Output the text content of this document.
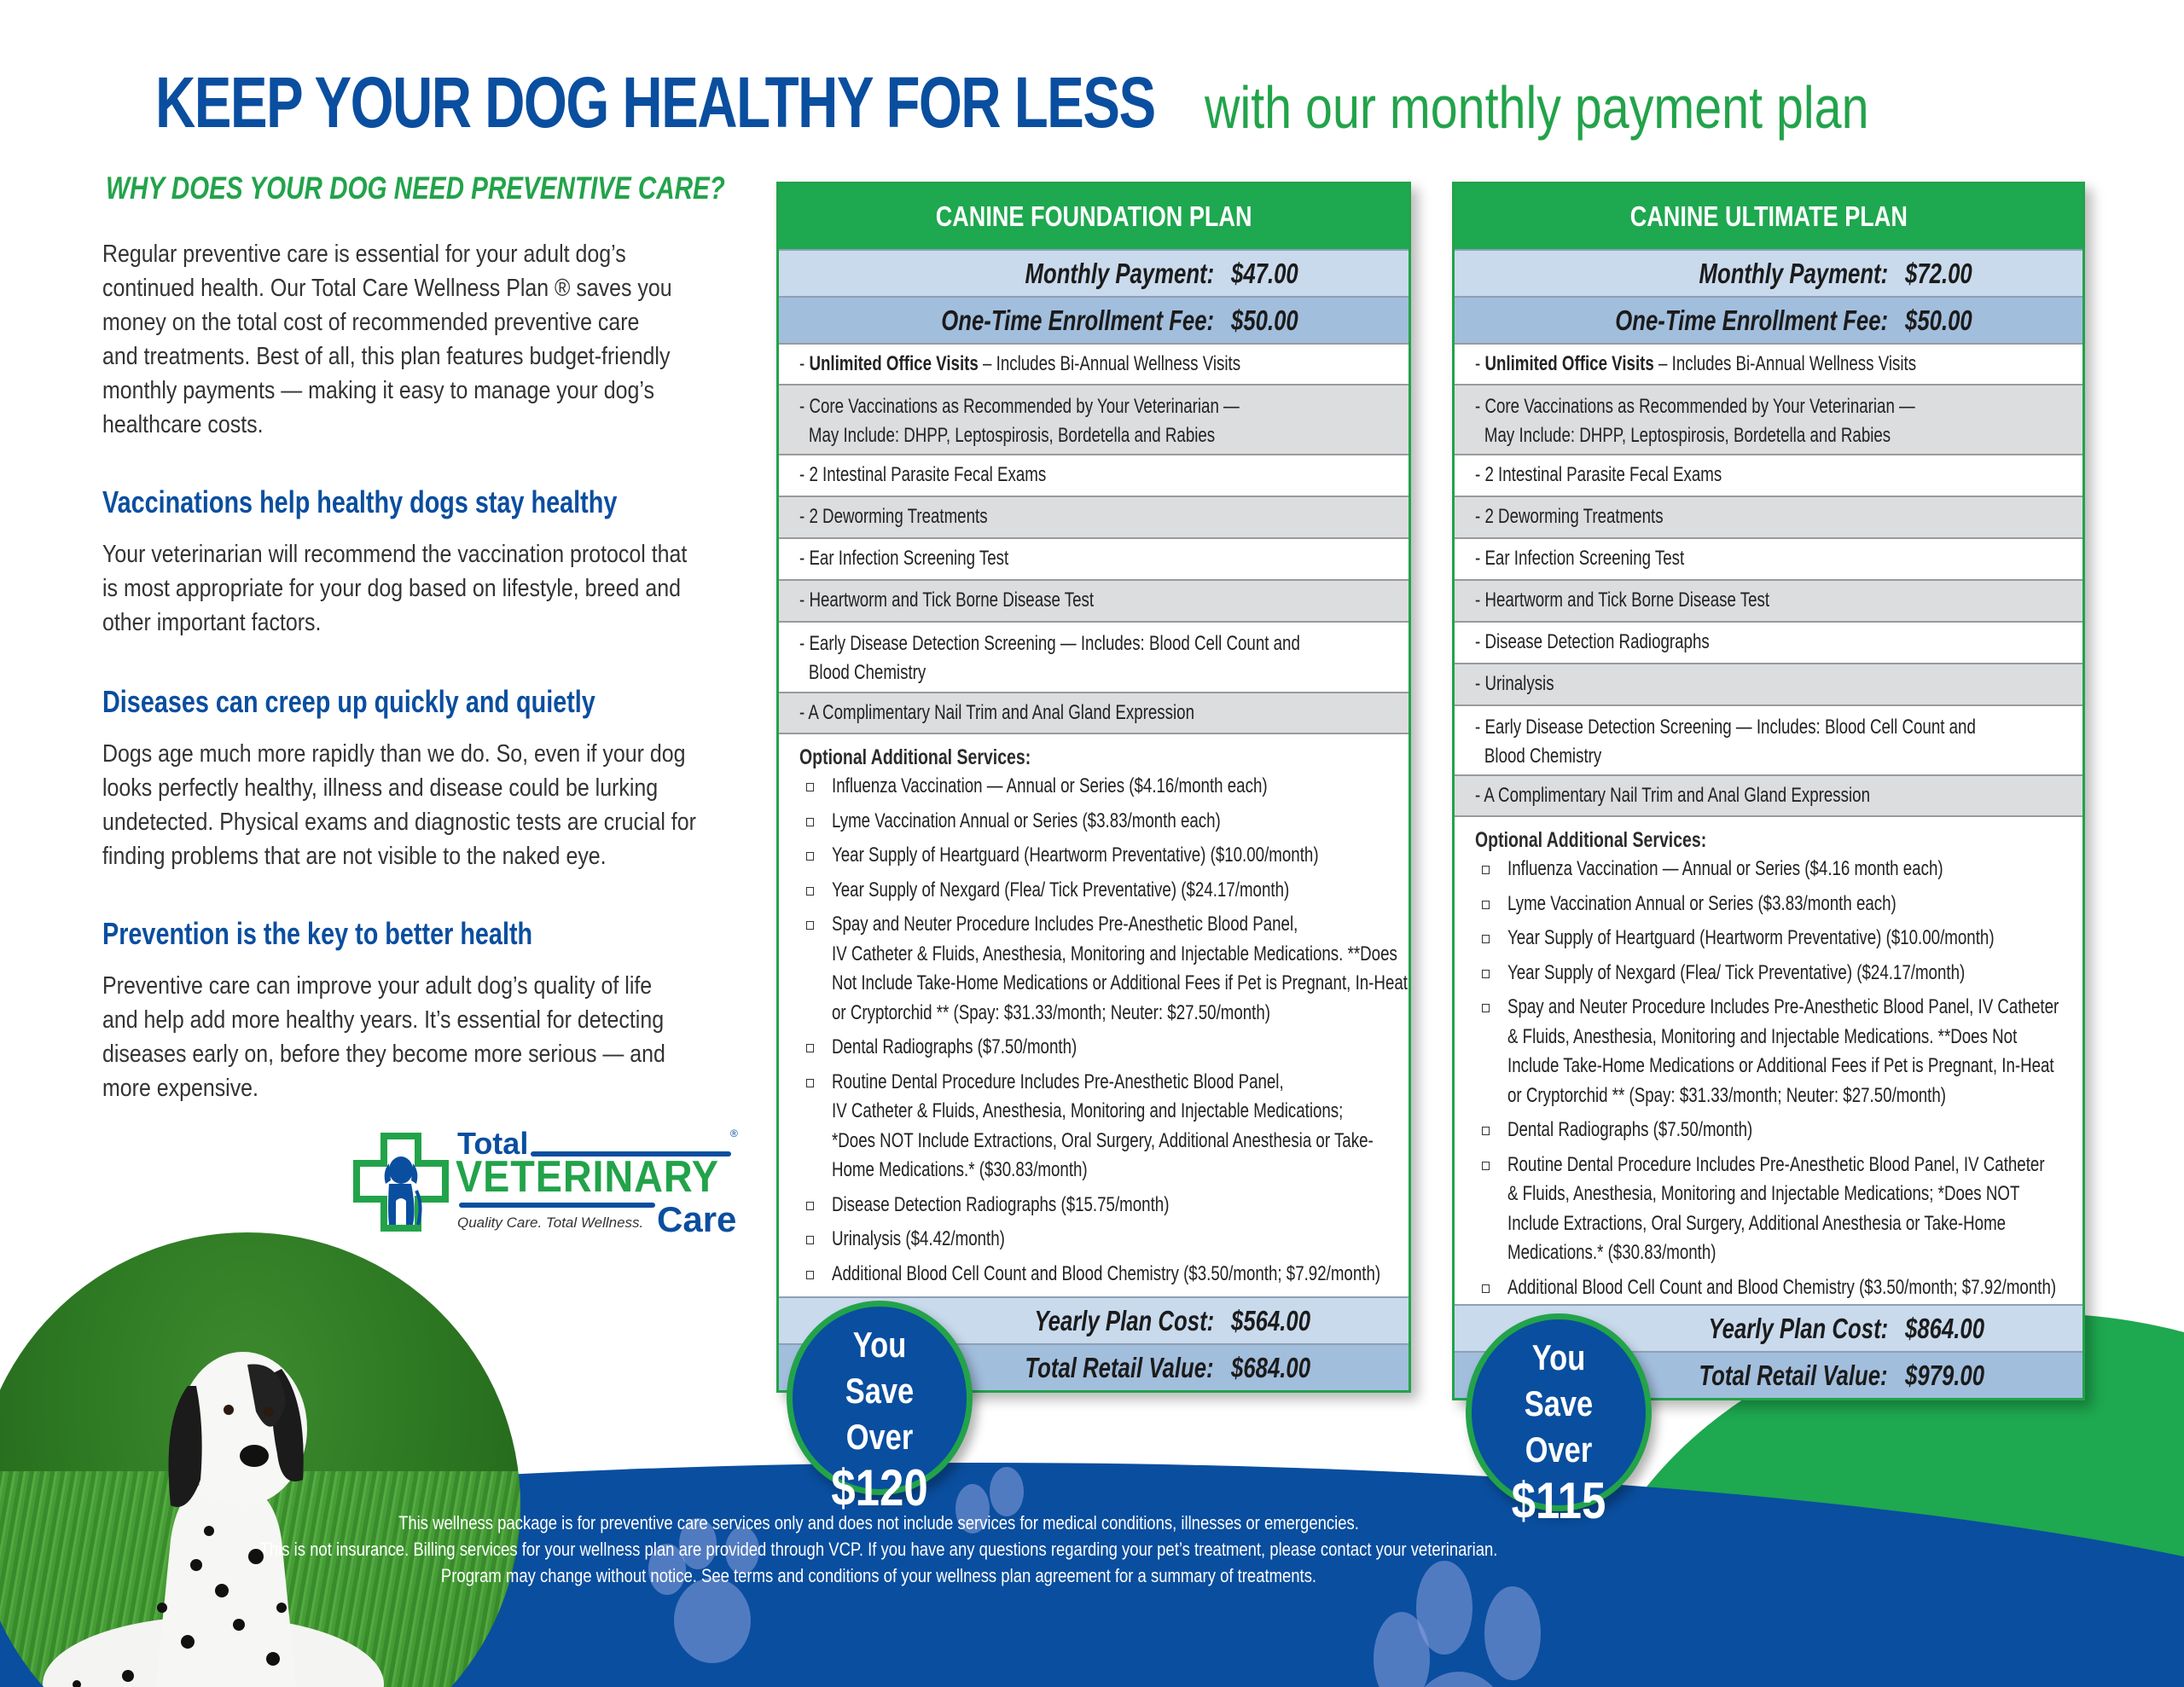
KEEP YOUR DOG HEALTHY FOR LESS with our monthly payment plan
WHY DOES YOUR DOG NEED PREVENTIVE CARE?
Regular preventive care is essential for your adult dog’s
continued health. Our Total Care Wellness Plan ® saves you
money on the total cost of recommended preventive care
and treatments. Best of all, this plan features budget-friendly
monthly payments — making it easy to manage your dog’s
healthcare costs.
Vaccinations help healthy dogs stay healthy
Your veterinarian will recommend the vaccination protocol that
is most appropriate for your dog based on lifestyle, breed and
other important factors.
Diseases can creep up quickly and quietly
Dogs age much more rapidly than we do. So, even if your dog
looks perfectly healthy, illness and disease could be lurking
undetected. Physical exams and diagnostic tests are crucial for
finding problems that are not visible to the naked eye.
Prevention is the key to better health
Preventive care can improve your adult dog’s quality of life
and help add more healthy years. It’s essential for detecting
diseases early on, before they become more serious — and
more expensive.
Total	®
VETERINARY
Quality Care. Total Wellness. Care
CANINE FOUNDATION PLAN
Monthly Payment: $47.00
One-Time Enrollment Fee: $50.00
- Unlimited Office Visits – Includes Bi-Annual Wellness Visits
- Core Vaccinations as Recommended by Your Veterinarian —
May Include: DHPP, Leptospirosis, Bordetella and Rabies
- 2 Intestinal Parasite Fecal Exams
- 2 Deworming Treatments
- Ear Infection Screening Test
- Heartworm and Tick Borne Disease Test
- Early Disease Detection Screening — Includes: Blood Cell Count and
Blood Chemistry
- A Complimentary Nail Trim and Anal Gland Expression
Optional Additional Services:
Influenza Vaccination — Annual or Series ($4.16/month each)
Lyme Vaccination Annual or Series ($3.83/month each)
Year Supply of Heartguard (Heartworm Preventative) ($10.00/month)
Year Supply of Nexgard (Flea/ Tick Preventative) ($24.17/month)
Spay and Neuter Procedure Includes Pre-Anesthetic Blood Panel,
IV Catheter & Fluids, Anesthesia, Monitoring and Injectable Medications. **Does
Not Include Take-Home Medications or Additional Fees if Pet is Pregnant, In-Heat
or Cryptorchid ** (Spay: $31.33/month; Neuter: $27.50/month)
Dental Radiographs ($7.50/month)
Routine Dental Procedure Includes Pre-Anesthetic Blood Panel,
IV Catheter & Fluids, Anesthesia, Monitoring and Injectable Medications;
*Does NOT Include Extractions, Oral Surgery, Additional Anesthesia or Take-
Home Medications.* ($30.83/month)
Disease Detection Radiographs ($15.75/month)
Urinalysis ($4.42/month)
Additional Blood Cell Count and Blood Chemistry ($3.50/month; $7.92/month)
Yearly Plan Cost: $564.00
Total Retail Value: $684.00
CANINE ULTIMATE PLAN
Monthly Payment: $72.00
One-Time Enrollment Fee: $50.00
- Unlimited Office Visits – Includes Bi-Annual Wellness Visits
- Core Vaccinations as Recommended by Your Veterinarian —
May Include: DHPP, Leptospirosis, Bordetella and Rabies
- 2 Intestinal Parasite Fecal Exams
- 2 Deworming Treatments
- Ear Infection Screening Test
- Heartworm and Tick Borne Disease Test
- Disease Detection Radiographs
- Urinalysis
- Early Disease Detection Screening — Includes: Blood Cell Count and
Blood Chemistry
- A Complimentary Nail Trim and Anal Gland Expression
Optional Additional Services:
Influenza Vaccination — Annual or Series ($4.16 month each)
Lyme Vaccination Annual or Series ($3.83/month each)
Year Supply of Heartguard (Heartworm Preventative) ($10.00/month)
Year Supply of Nexgard (Flea/ Tick Preventative) ($24.17/month)
Spay and Neuter Procedure Includes Pre-Anesthetic Blood Panel, IV Catheter
& Fluids, Anesthesia, Monitoring and Injectable Medications. **Does Not
Include Take-Home Medications or Additional Fees if Pet is Pregnant, In-Heat
or Cryptorchid ** (Spay: $31.33/month; Neuter: $27.50/month)
Dental Radiographs ($7.50/month)
Routine Dental Procedure Includes Pre-Anesthetic Blood Panel, IV Catheter
& Fluids, Anesthesia, Monitoring and Injectable Medications; *Does NOT
Include Extractions, Oral Surgery, Additional Anesthesia or Take-Home
Medications.* ($30.83/month)
Additional Blood Cell Count and Blood Chemistry ($3.50/month; $7.92/month)
Yearly Plan Cost: $864.00
Total Retail Value: $979.00
You
Save Over
$120
You
Save Over
$115
This wellness package is for preventive care services only and does not include services for medical conditions, illnesses or emergencies.
This is not insurance. Billing services for your wellness plan are provided through VCP. If you have any questions regarding your pet’s treatment, please contact your veterinarian.
Program may change without notice. See terms and conditions of your wellness plan agreement for a summary of treatments.
